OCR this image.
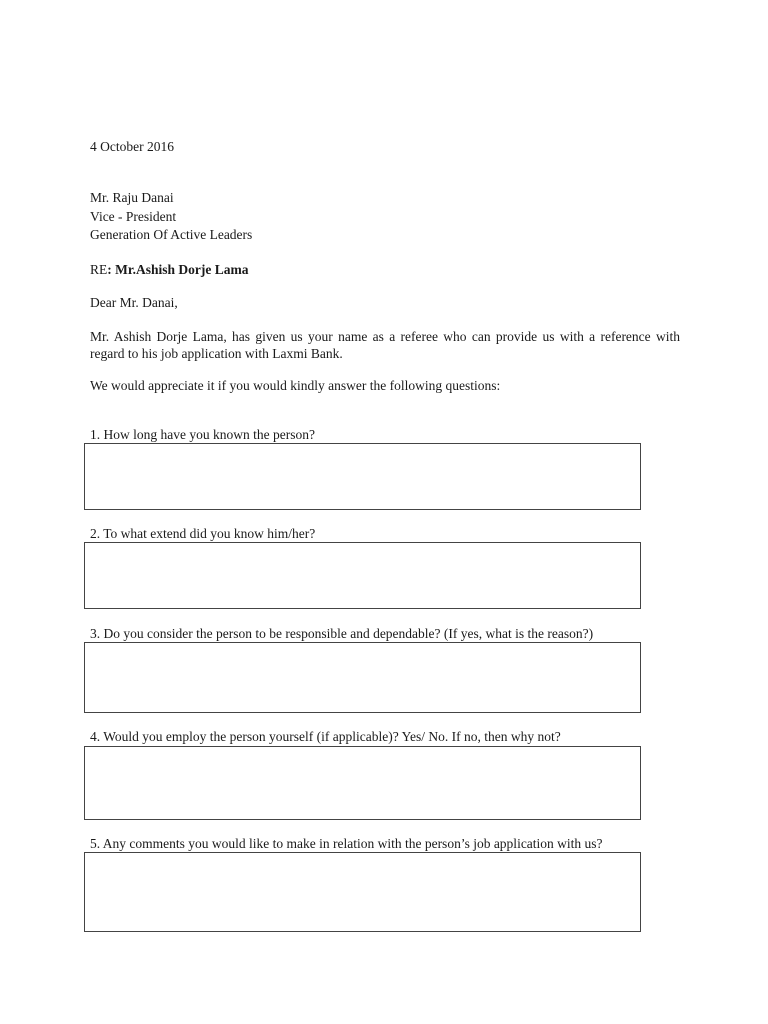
4 October 2016
Mr. Raju Danai
Vice - President
Generation Of Active Leaders
RE: Mr.Ashish Dorje Lama
Dear Mr. Danai,
Mr. Ashish Dorje Lama, has given us your name as a referee who can provide us with a reference with
regard to his job application with Laxmi Bank.
We would appreciate it if you would kindly answer the following questions:
1. How long have you known the person?
2. To what extend did you know him/her?
3. Do you consider the person to be responsible and dependable? (If yes, what is the reason?)
4. Would you employ the person yourself (if applicable)? Yes/ No. If no, then why not?
5. Any comments you would like to make in relation with the person’s job application with us?
